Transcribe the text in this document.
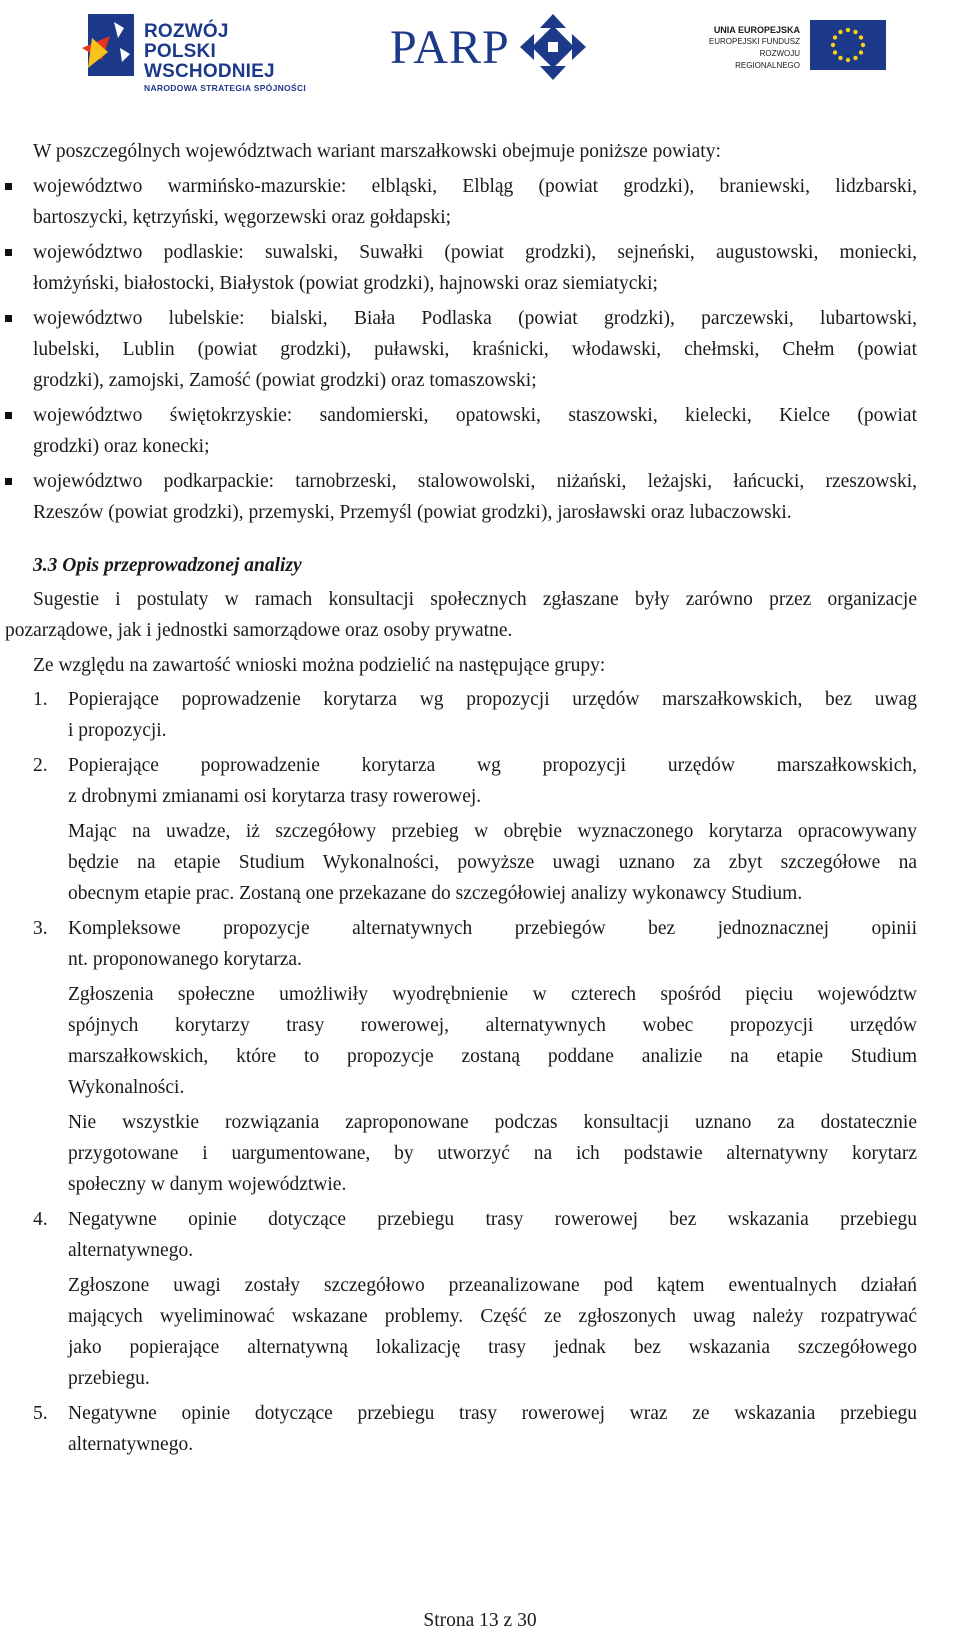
ROZWÓJ
POLSKI WSCHODNIEJ
NARODOWA STRATEGIA SPÓJNOŚCI
PARP	UNIA EUROPEJSKA
EUROPEJSKI FUNDUSZ
ROZWOJU REGIONALNEGO
W poszczególnych województwach wariant marszałkowski obejmuje poniższe powiaty:
województwo warmińsko-mazurskie: elbląski, Elbląg (powiat grodzki), braniewski, lidzbarski,
bartoszycki, kętrzyński, węgorzewski oraz gołdapski;
województwo podlaskie: suwalski, Suwałki (powiat grodzki), sejneński, augustowski, moniecki,
łomżyński, białostocki, Białystok (powiat grodzki), hajnowski oraz siemiatycki;
województwo lubelskie: bialski, Biała Podlaska (powiat grodzki), parczewski, lubartowski,
lubelski, Lublin (powiat grodzki), puławski, kraśnicki, włodawski, chełmski, Chełm (powiat
grodzki), zamojski, Zamość (powiat grodzki) oraz tomaszowski;
województwo świętokrzyskie: sandomierski, opatowski, staszowski, kielecki, Kielce (powiat
grodzki) oraz konecki;
województwo podkarpackie: tarnobrzeski, stalowowolski, niżański, leżajski, łańcucki, rzeszowski,
Rzeszów (powiat grodzki), przemyski, Przemyśl (powiat grodzki), jarosławski oraz lubaczowski.
3.3 Opis przeprowadzonej analizy
Sugestie i postulaty w ramach konsultacji społecznych zgłaszane były zarówno przez organizacje
pozarządowe, jak i jednostki samorządowe oraz osoby prywatne.
Ze względu na zawartość wnioski można podzielić na następujące grupy:
1. Popierające poprowadzenie korytarza wg propozycji urzędów marszałkowskich, bez uwag
i propozycji.
2. Popierające poprowadzenie korytarza wg propozycji urzędów marszałkowskich,
z drobnymi zmianami osi korytarza trasy rowerowej.
Mając na uwadze, iż szczegółowy przebieg w obrębie wyznaczonego korytarza opracowywany
będzie na etapie Studium Wykonalności, powyższe uwagi uznano za zbyt szczegółowe na
obecnym etapie prac. Zostaną one przekazane do szczegółowiej analizy wykonawcy Studium.
3. Kompleksowe propozycje alternatywnych przebiegów bez jednoznacznej opinii
nt. proponowanego korytarza.
Zgłoszenia społeczne umożliwiły wyodrębnienie w czterech spośród pięciu województw
spójnych korytarzy trasy rowerowej, alternatywnych wobec propozycji urzędów
marszałkowskich, które to propozycje zostaną poddane analizie na etapie Studium
Wykonalności.
Nie wszystkie rozwiązania zaproponowane podczas konsultacji uznano za dostatecznie
przygotowane i uargumentowane, by utworzyć na ich podstawie alternatywny korytarz
społeczny w danym województwie.
4. Negatywne opinie dotyczące przebiegu trasy rowerowej bez wskazania przebiegu
alternatywnego.
Zgłoszone uwagi zostały szczegółowo przeanalizowane pod kątem ewentualnych działań
mających wyeliminować wskazane problemy. Część ze zgłoszonych uwag należy rozpatrywać
jako popierające alternatywną lokalizację trasy jednak bez wskazania szczegółowego
przebiegu.
5. Negatywne opinie dotyczące przebiegu trasy rowerowej wraz ze wskazania przebiegu
alternatywnego.
Strona 13 z 30
